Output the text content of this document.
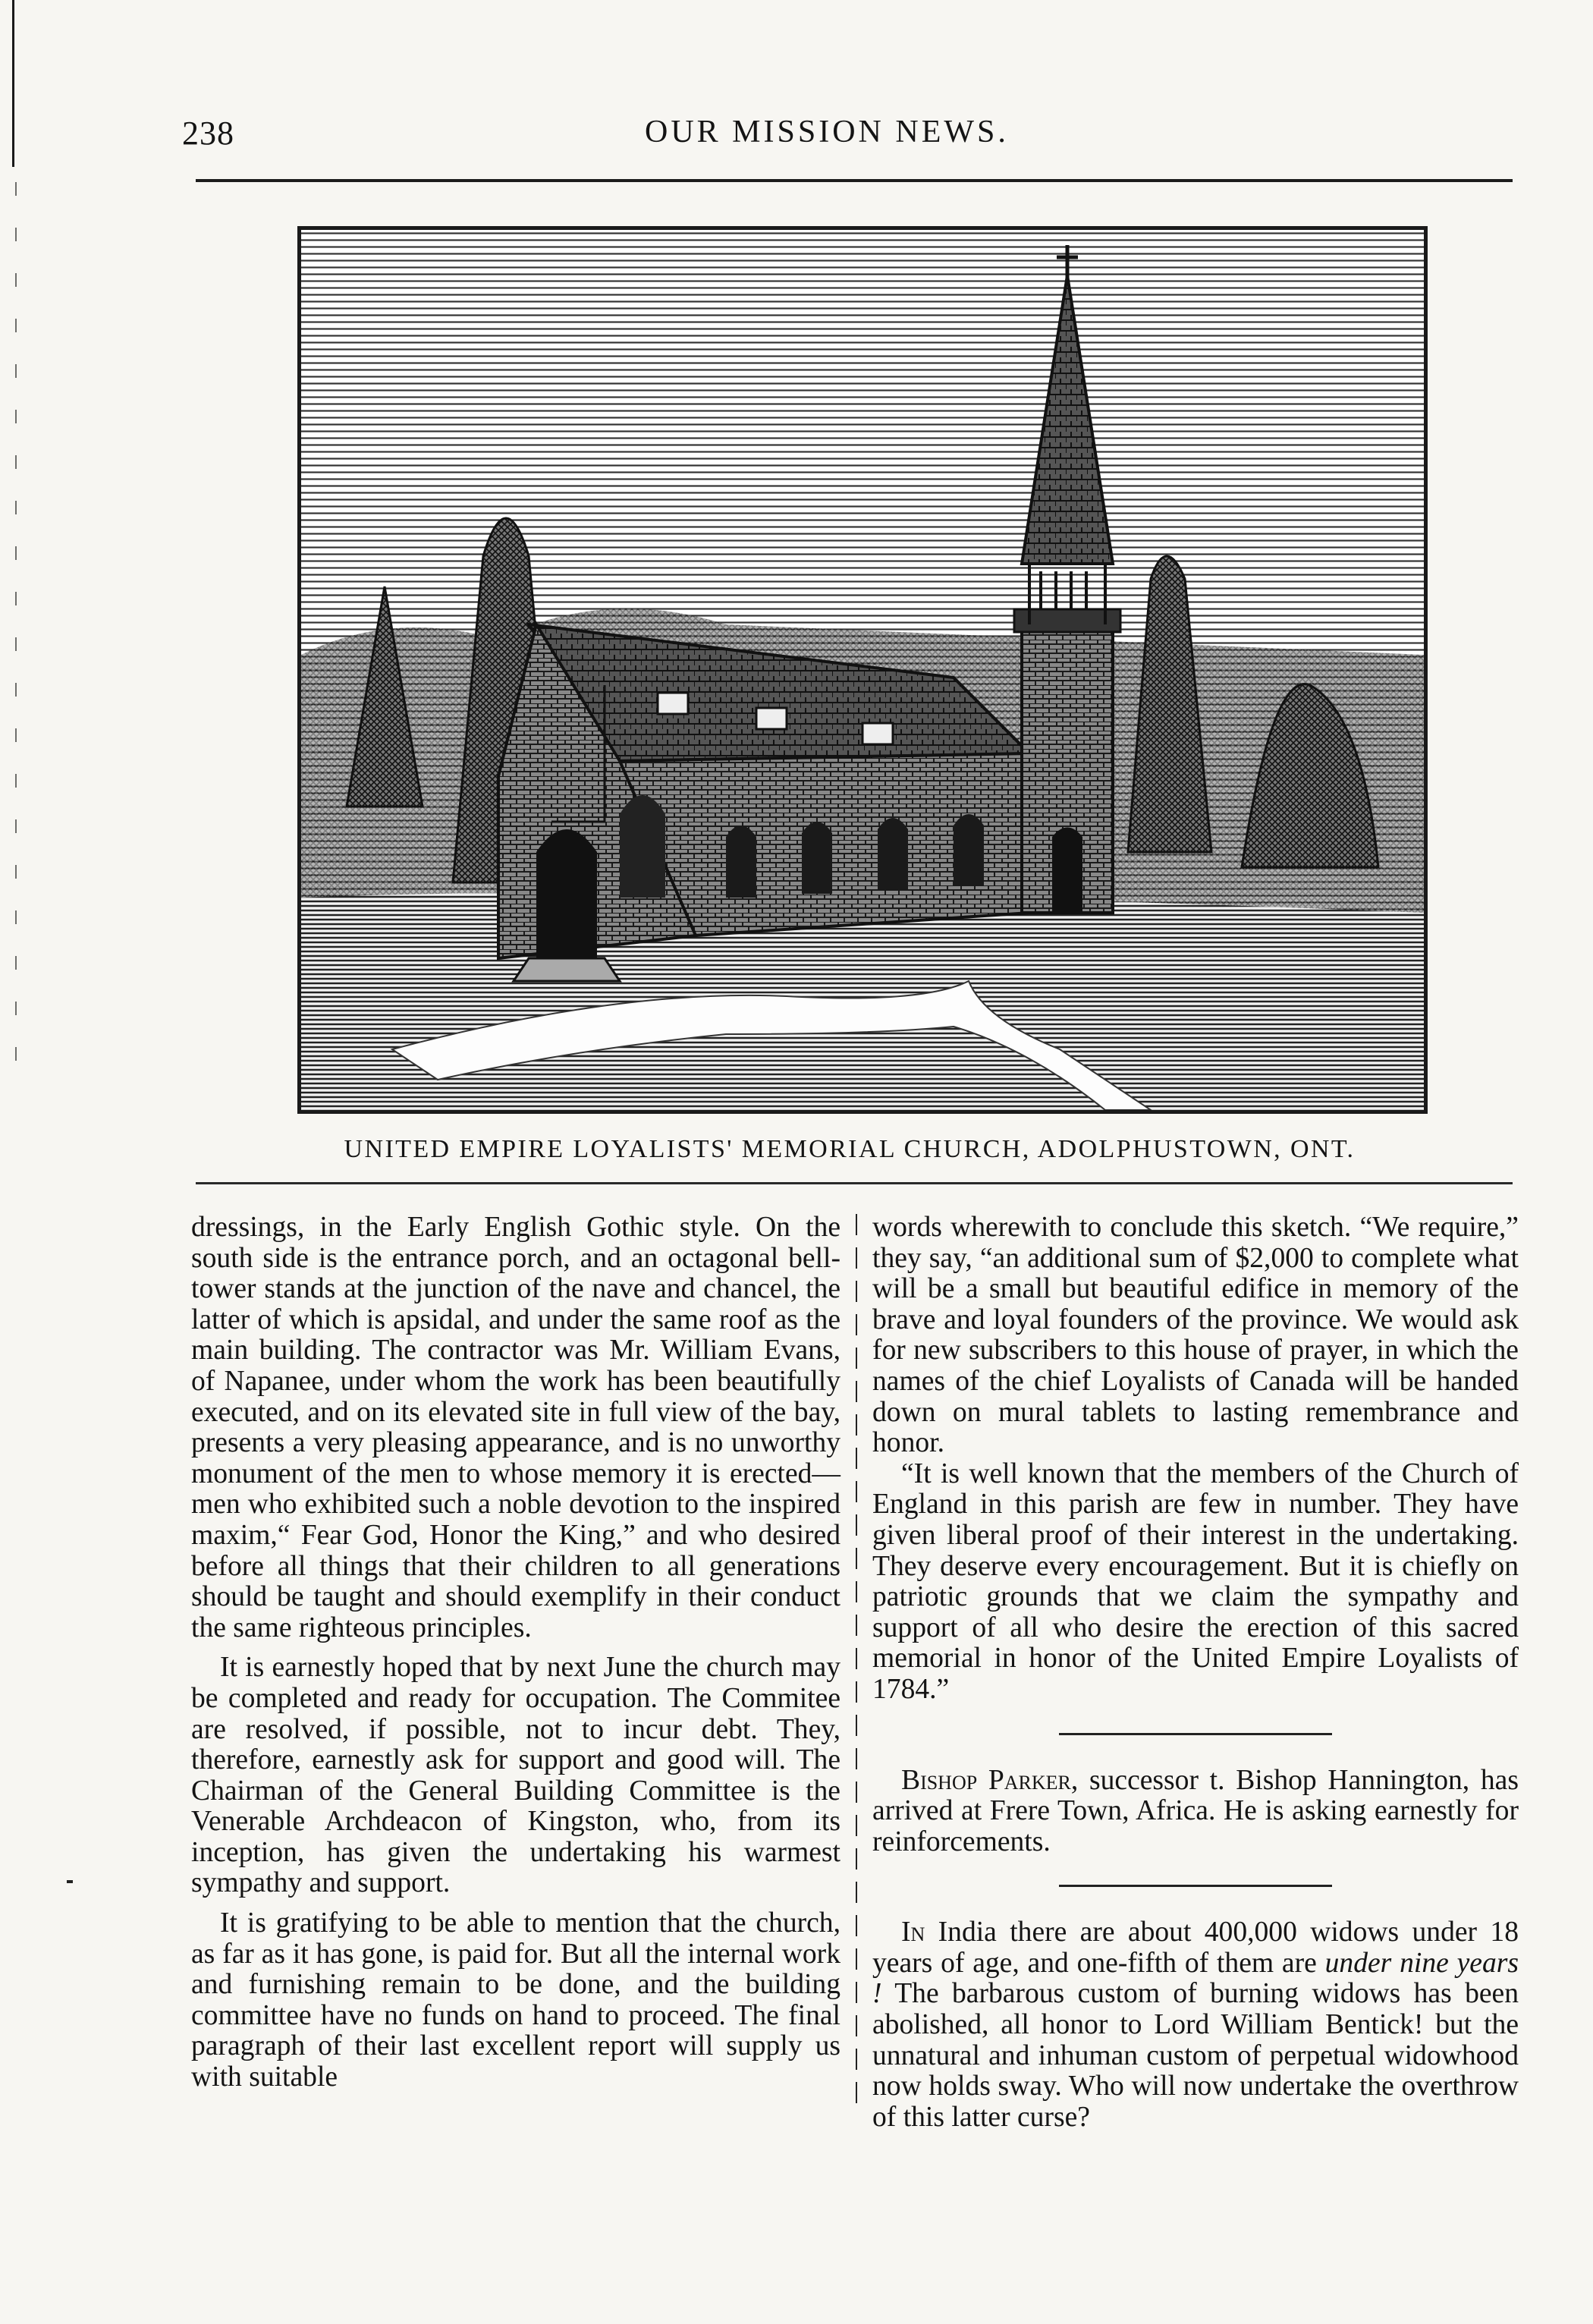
238	OUR MISSION NEWS.
UNITED EMPIRE LOYALISTS' MEMORIAL CHURCH, ADOLPHUSTOWN, ONT.

dressings, in the Early English Gothic style. On the south side is the entrance porch, and an octagonal bell-tower stands at the junction of the nave and chancel, the latter of which is apsidal, and under the same roof as the main building. The contractor was Mr. William Evans, of Napanee, under whom the work has been beautifully executed, and on its elevated site in full view of the bay, presents a very pleasing appearance, and is no unworthy monument of the men to whose memory it is erected—men who exhibited such a noble devotion to the inspired maxim,“ Fear God, Honor the King,” and who desired before all things that their children to all generations should be taught and should exemplify in their conduct the same righteous principles.

It is earnestly hoped that by next June the church may be completed and ready for occupation. The Commitee are resolved, if possible, not to incur debt. They, therefore, earnestly ask for support and good will. The Chairman of the General Building Committee is the Venerable Archdeacon of Kingston, who, from its inception, has given the undertaking his warmest sympathy and support.

It is gratifying to be able to mention that the church, as far as it has gone, is paid for. But all the internal work and furnishing remain to be done, and the building committee have no funds on hand to proceed. The final paragraph of their last excellent report will supply us with suitable

words wherewith to conclude this sketch. “We require,” they say, “an additional sum of $2,000 to complete what will be a small but beautiful edifice in memory of the brave and loyal founders of the province. We would ask for new subscribers to this house of prayer, in which the names of the chief Loyalists of Canada will be handed down on mural tablets to lasting remembrance and honor.

“It is well known that the members of the Church of England in this parish are few in number. They have given liberal proof of their interest in the undertaking. They deserve every encouragement. But it is chiefly on patriotic grounds that we claim the sympathy and support of all who desire the erection of this sacred memorial in honor of the United Empire Loyalists of 1784.”

Bishop Parker, successor t. Bishop Hannington, has arrived at Frere Town, Africa. He is asking earnestly for reinforcements.

In India there are about 400,000 widows under 18 years of age, and one-fifth of them are under nine years ! The barbarous custom of burning widows has been abolished, all honor to Lord William Bentick! but the unnatural and inhuman custom of perpetual widowhood now holds sway. Who will now undertake the overthrow of this latter curse?
